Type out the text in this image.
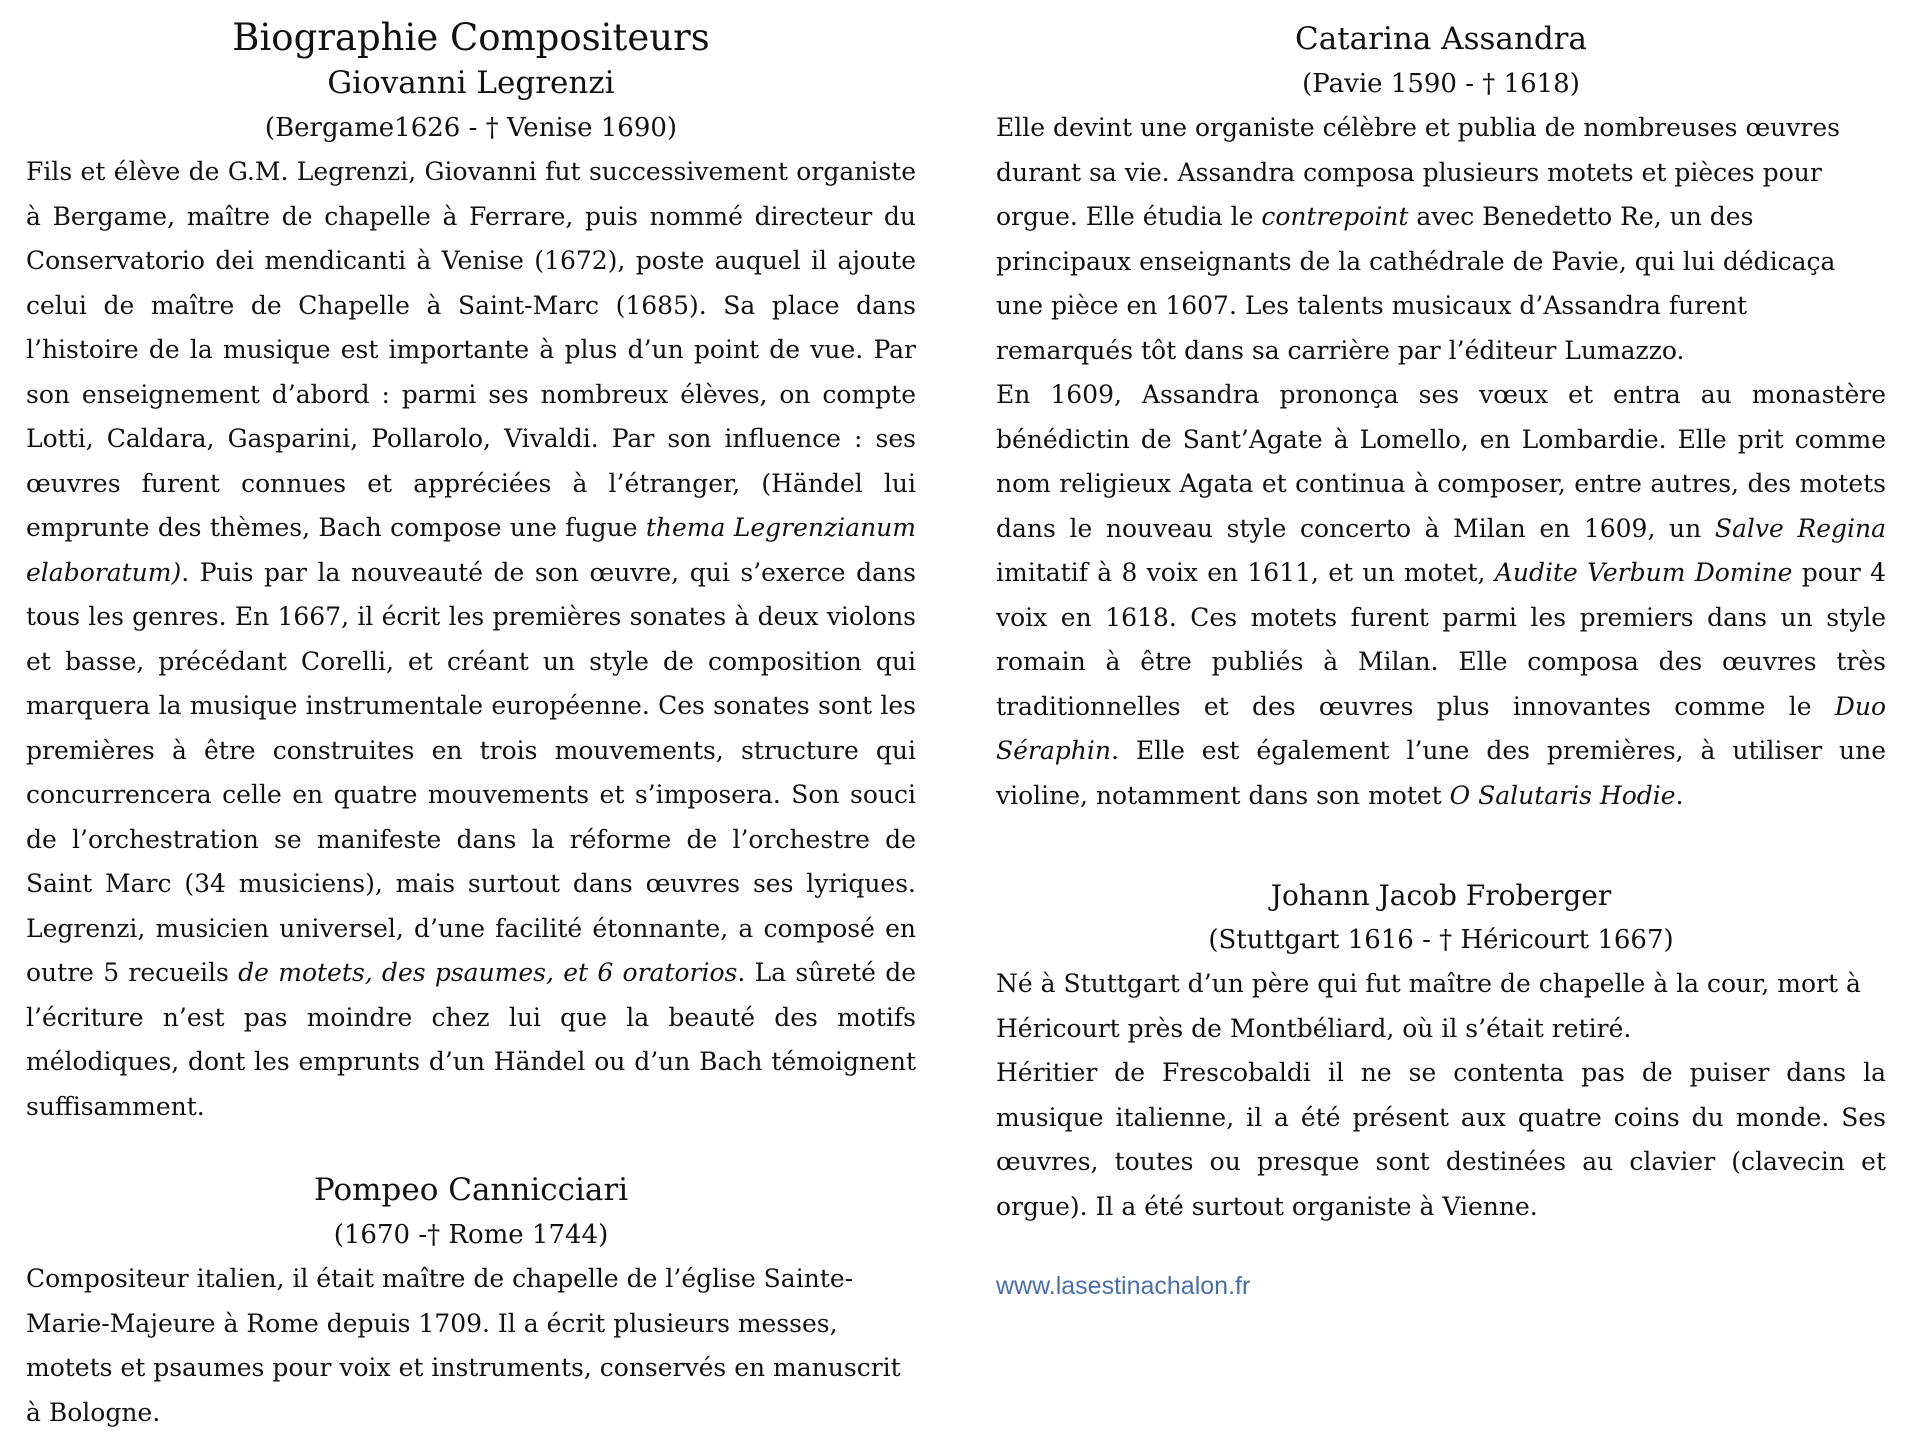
Biographie Compositeurs
Giovanni Legrenzi
(Bergame1626 - † Venise 1690)

Fils et élève de G.M. Legrenzi, Giovanni fut successivement organiste à Bergame, maître de chapelle à Ferrare, puis nommé directeur du Conservatorio dei mendicanti à Venise (1672), poste auquel il ajoute celui de maître de Chapelle à Saint-Marc (1685). Sa place dans l’histoire de la musique est importante à plus d’un point de vue. Par son enseignement d’abord : parmi ses nombreux élèves, on compte Lotti, Caldara, Gasparini, Pollarolo, Vivaldi. Par son influence : ses œuvres furent connues et appréciées à l’étranger, (Händel lui emprunte des thèmes, Bach compose une fugue thema Legrenzianum elaboratum). Puis par la nouveauté de son œuvre, qui s’exerce dans tous les genres. En 1667, il écrit les premières sonates à deux violons et basse, précédant Corelli, et créant un style de composition qui marquera la musique instrumentale européenne. Ces sonates sont les premières à être construites en trois mouvements, structure qui concurrencera celle en quatre mouvements et s’imposera. Son souci de l’orchestration se manifeste dans la réforme de l’orchestre de Saint Marc (34 musiciens), mais surtout dans œuvres ses lyriques. Legrenzi, musicien universel, d’une facilité étonnante, a composé en outre 5 recueils de motets, des psaumes, et 6 oratorios. La sûreté de l’écriture n’est pas moindre chez lui que la beauté des motifs mélodiques, dont les emprunts d’un Händel ou d’un Bach témoignent suffisamment.

Pompeo Cannicciari
(1670 -† Rome 1744)

Compositeur italien, il était maître de chapelle de l’église Sainte-Marie-Majeure à Rome depuis 1709. Il a écrit plusieurs messes, motets et psaumes pour voix et instruments, conservés en manuscrit à Bologne.

Catarina Assandra
(Pavie 1590 - † 1618)

Elle devint une organiste célèbre et publia de nombreuses œuvres durant sa vie. Assandra composa plusieurs motets et pièces pour orgue. Elle étudia le contrepoint avec Benedetto Re, un des principaux enseignants de la cathédrale de Pavie, qui lui dédicaça une pièce en 1607. Les talents musicaux d’Assandra furent remarqués tôt dans sa carrière par l’éditeur Lumazzo.

En 1609, Assandra prononça ses vœux et entra au monastère bénédictin de Sant’Agate à Lomello, en Lombardie. Elle prit comme nom religieux Agata et continua à composer, entre autres, des motets dans le nouveau style concerto à Milan en 1609, un Salve Regina imitatif à 8 voix en 1611, et un motet, Audite Verbum Domine pour 4 voix en 1618. Ces motets furent parmi les premiers dans un style romain à être publiés à Milan. Elle composa des œuvres très traditionnelles et des œuvres plus innovantes comme le Duo Séraphin. Elle est également l’une des premières, à utiliser une violine, notamment dans son motet O Salutaris Hodie.

Johann Jacob Froberger
(Stuttgart 1616 - † Héricourt 1667)

Né à Stuttgart d’un père qui fut maître de chapelle à la cour, mort à Héricourt près de Montbéliard, où il s’était retiré.

Héritier de Frescobaldi il ne se contenta pas de puiser dans la musique italienne, il a été présent aux quatre coins du monde. Ses œuvres, toutes ou presque sont destinées au clavier (clavecin et orgue). Il a été surtout organiste à Vienne.

www.lasestinachalon.fr
